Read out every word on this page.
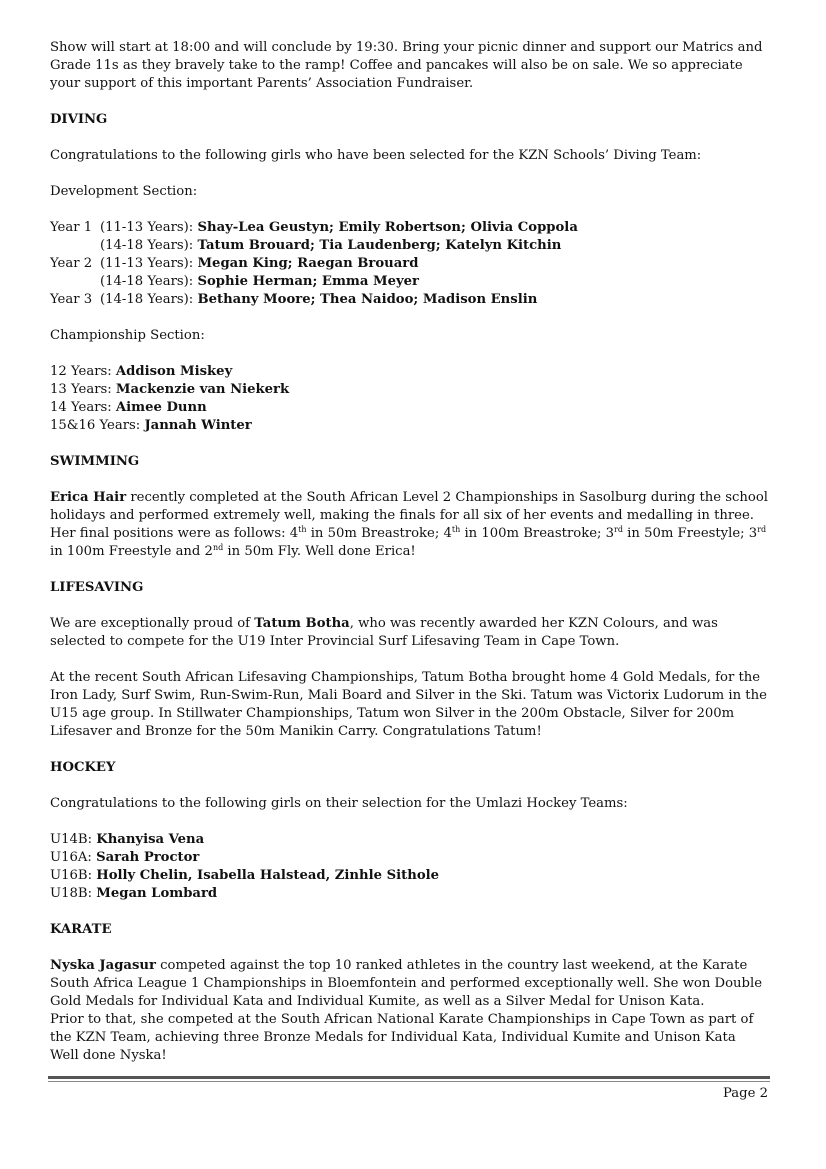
Show will start at 18:00 and will conclude by 19:30. Bring your picnic dinner and support our Matrics and Grade 11s as they bravely take to the ramp! Coffee and pancakes will also be on sale. We so appreciate your support of this important Parents’ Association Fundraiser.

DIVING

Congratulations to the following girls who have been selected for the KZN Schools’ Diving Team:

Development Section:

Year 1 (11-13 Years):
Shay-Lea Geustyn; Emily Robertson; Olivia Coppola
(14-18 Years):
Tatum Brouard; Tia Laudenberg; Katelyn Kitchin
Year 2 (11-13 Years):
Megan King; Raegan Brouard
(14-18 Years):
Sophie Herman; Emma Meyer
Year 3 (14-18 Years):
Bethany Moore; Thea Naidoo; Madison Enslin

Championship Section:

12 Years: Addison Miskey

13 Years: Mackenzie van Niekerk

14 Years: Aimee Dunn

15&16 Years: Jannah Winter

SWIMMING

Erica Hair recently completed at the South African Level 2 Championships in Sasolburg during the school holidays and performed extremely well, making the finals for all six of her events and medalling in three. Her final positions were as follows: 4th in 50m Breastroke; 4th in 100m Breastroke; 3rd in 50m Freestyle; 3rd in 100m Freestyle and 2nd in 50m Fly. Well done Erica!

LIFESAVING

We are exceptionally proud of Tatum Botha, who was recently awarded her KZN Colours, and was selected to compete for the U19 Inter Provincial Surf Lifesaving Team in Cape Town.

At the recent South African Lifesaving Championships, Tatum Botha brought home 4 Gold Medals, for the Iron Lady, Surf Swim, Run-Swim-Run, Mali Board and Silver in the Ski. Tatum was Victorix Ludorum in the U15 age group. In Stillwater Championships, Tatum won Silver in the 200m Obstacle, Silver for 200m Lifesaver and Bronze for the 50m Manikin Carry. Congratulations Tatum!

HOCKEY

Congratulations to the following girls on their selection for the Umlazi Hockey Teams:

U14B: Khanyisa Vena

U16A: Sarah Proctor

U16B: Holly Chelin, Isabella Halstead, Zinhle Sithole

U18B: Megan Lombard

KARATE

Nyska Jagasur competed against the top 10 ranked athletes in the country last weekend, at the Karate South Africa League 1 Championships in Bloemfontein and performed exceptionally well. She won Double Gold Medals for Individual Kata and Individual Kumite, as well as a Silver Medal for Unison Kata.

Prior to that, she competed at the South African National Karate Championships in Cape Town as part of the KZN Team, achieving three Bronze Medals for Individual Kata, Individual Kumite and Unison Kata

Well done Nyska!

Page 2
